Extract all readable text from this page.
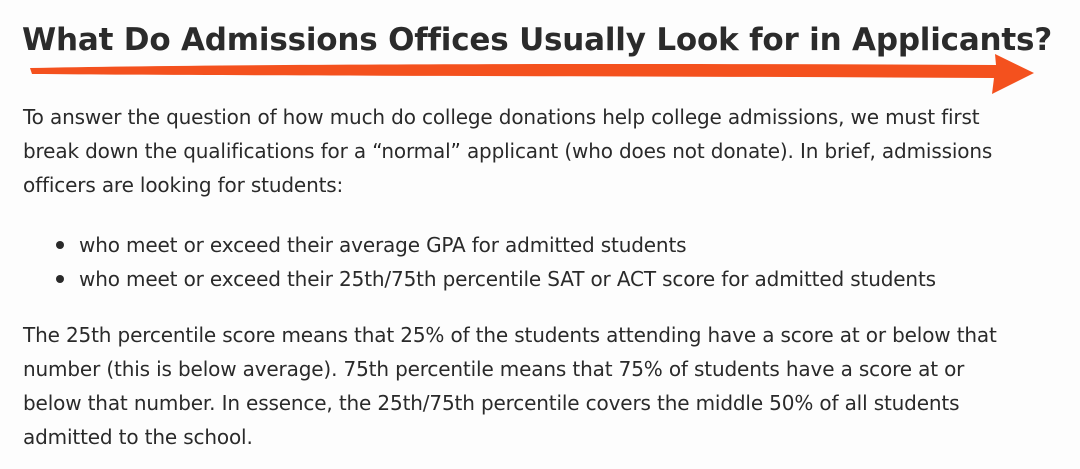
What Do Admissions Offices Usually Look for in Applicants?

To answer the question of how much do college donations help college admissions, we must first
break down the qualifications for a “normal” applicant (who does not donate). In brief, admissions
officers are looking for students:

who meet or exceed their average GPA for admitted students
who meet or exceed their 25th/75th percentile SAT or ACT score for admitted students

The 25th percentile score means that 25% of the students attending have a score at or below that
number (this is below average). 75th percentile means that 75% of students have a score at or
below that number. In essence, the 25th/75th percentile covers the middle 50% of all students
admitted to the school.
